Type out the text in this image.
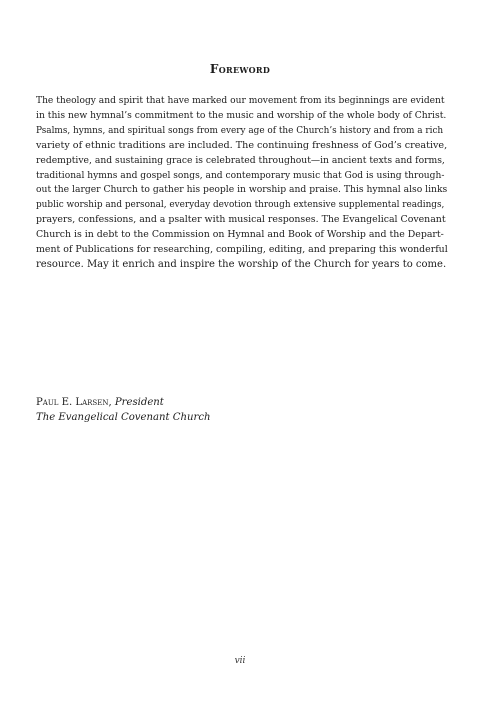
Foreword

The theology and spirit that have marked our movement from its beginnings are evident
in this new hymnal’s commitment to the music and worship of the whole body of Christ.
Psalms, hymns, and spiritual songs from every age of the Church’s history and from a rich
variety of ethnic traditions are included. The continuing freshness of God’s creative,
redemptive, and sustaining grace is celebrated throughout—in ancient texts and forms,
traditional hymns and gospel songs, and contemporary music that God is using through-
out the larger Church to gather his people in worship and praise. This hymnal also links
public worship and personal, everyday devotion through extensive supplemental readings,
prayers, confessions, and a psalter with musical responses. The Evangelical Covenant
Church is in debt to the Commission on Hymnal and Book of Worship and the Depart-
ment of Publications for researching, compiling, editing, and preparing this wonderful
resource. May it enrich and inspire the worship of the Church for years to come.

Paul E. Larsen, President
The Evangelical Covenant Church
vii
